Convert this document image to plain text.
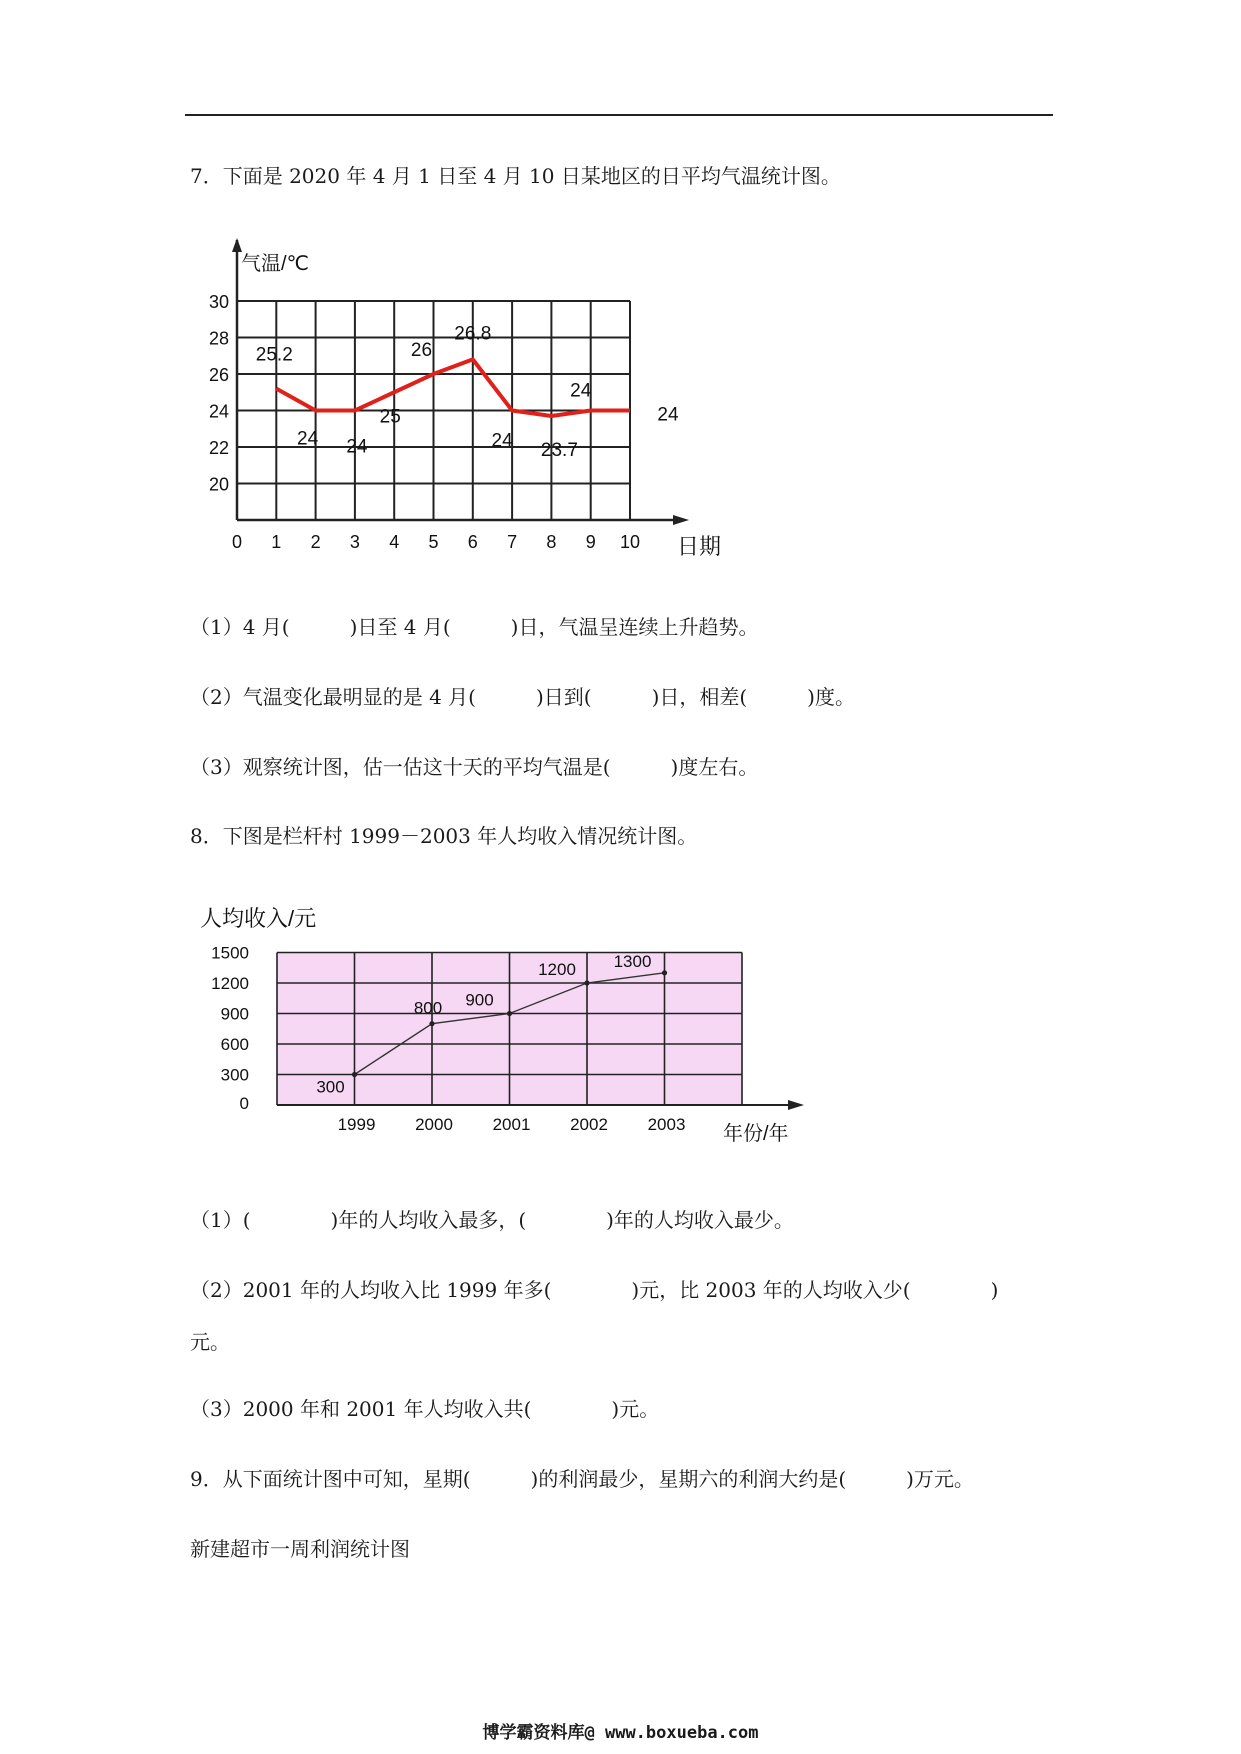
7．下面是 2020 年 4 月 1 日至 4 月 10 日某地区的日平均气温统计图。
气温/℃
日期
20
22
24
26
28
30
0 1 2 3 4 5 6 7 8 9 10
25.2
24 24
25
26
26.8
24 23.7
24
24
（1）4 月(　　　)日至 4 月(　　　)日，气温呈连续上升趋势。
（2）气温变化最明显的是 4 月(　　　)日到(　　　)日，相差(　　　)度。
（3）观察统计图，估一估这十天的平均气温是(　　　)度左右。
8．下图是栏杆村 1999－2003 年人均收入情况统计图。
人均收入/元
年份/年
0
300
600
900
1200
1500
1999 2000 2001 2002 2003
300
800 900
1200 1300
（1）(　　　　)年的人均收入最多，(　　　　)年的人均收入最少。
（2）2001 年的人均收入比 1999 年多(　　　　)元，比 2003 年的人均收入少(　　　　)
元。
（3）2000 年和 2001 年人均收入共(　　　　)元。
9．从下面统计图中可知，星期(　　　)的利润最少，星期六的利润大约是(　　　)万元。
新建超市一周利润统计图
博学霸资料库@ www.boxueba.com
